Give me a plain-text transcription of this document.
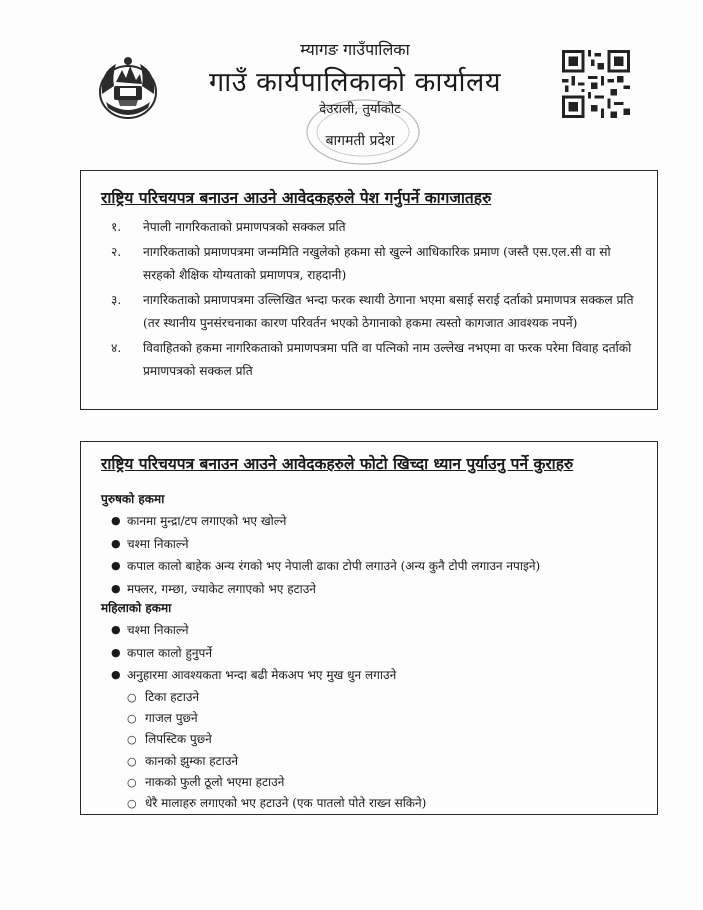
म्यागङ गाउँपालिका
गाउँ कार्यपालिकाको कार्यालय
देउराली, तुर्याकोट
बागमती प्रदेश
राष्ट्रिय परिचयपत्र बनाउन आउने आवेदकहरुले पेश गर्नुपर्ने कागजातहरु
१.	नेपाली नागरिकताको प्रमाणपत्रको सक्कल प्रति
२.	नागरिकताको प्रमाणपत्रमा जन्ममिति नखुलेको हकमा सो खुल्ने आधिकारिक प्रमाण (जस्तै एस.एल.सी वा सो सरहको शैक्षिक योग्यताको प्रमाणपत्र, राहदानी)
३.	नागरिकताको प्रमाणपत्रमा उल्लिखित भन्दा फरक स्थायी ठेगाना भएमा बसाई सराई दर्ताको प्रमाणपत्र सक्कल प्रति (तर स्थानीय पुनसंरचनाका कारण परिवर्तन भएको ठेगानाको हकमा त्यस्तो कागजात आवश्यक नपर्ने)
४.	विवाहितको हकमा नागरिकताको प्रमाणपत्रमा पति वा पत्निको नाम उल्लेख नभएमा वा फरक परेमा विवाह दर्ताको प्रमाणपत्रको सक्कल प्रति
राष्ट्रिय परिचयपत्र बनाउन आउने आवेदकहरुले फोटो खिच्दा ध्यान पुर्याउनु पर्ने कुराहरु
पुरुषको हकमा
● कानमा मुन्द्रा/टप लगाएको भए खोल्ने
● चश्मा निकाल्ने
● कपाल कालो बाहेक अन्य रंगको भए नेपाली ढाका टोपी लगाउने (अन्य कुनै टोपी लगाउन नपाइने)
● मफ्लर, गम्छा, ज्याकेट लगाएको भए हटाउने
महिलाको हकमा
● चश्मा निकाल्ने
● कपाल कालो हुनुपर्ने
● अनुहारमा आवश्यकता भन्दा बढी मेकअप भए मुख धुन लगाउने
○ टिका हटाउने
○ गाजल पुछ्ने
○ लिपस्टिक पुछ्ने
○ कानको झुम्का हटाउने
○ नाकको फुली ठूलो भएमा हटाउने
○ धेरै मालाहरु लगाएको भए हटाउने (एक पातलो पोते राख्न सकिने)
